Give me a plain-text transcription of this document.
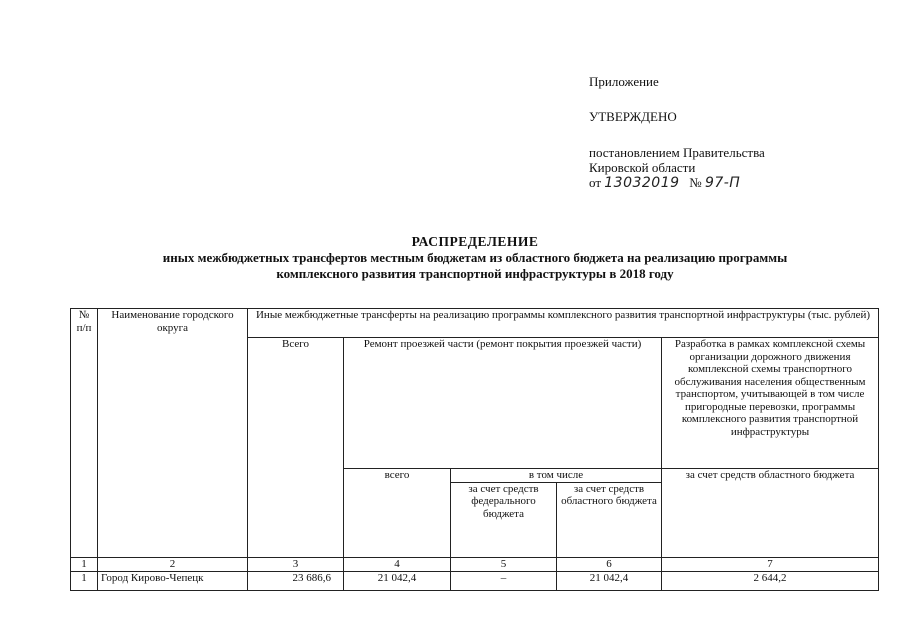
Приложение

УТВЕРЖДЕНО

постановлением Правительства

Кировской области

от 13032019 № 97-П

РАСПРЕДЕЛЕНИЕ
иных межбюджетных трансфертов местным бюджетам из областного бюджета на реализацию программы
комплексного развития транспортной инфраструктуры в 2018 году
№ п/п	Наименование городского округа	Иные межбюджетные трансферты на реализацию программы комплексного развития транспортной инфраструктуры (тыс. рублей)				
		Всего	Ремонт проезжей части (ремонт покрытия проезжей части)			Разработка в рамках комплексной схемы организации дорожного движения комплексной схемы транспортного обслуживания населения общественным транспортом, учитывающей в том числе пригородные перевозки, программы комплексного развития транспортной инфраструктуры
			всего	в том числе		за счет средств областного бюджета
				за счет средств федерального бюджета	за счет средств областного бюджета	
1	2	3	4	5	6	7
1	Город Кирово-Чепецк	23 686,6	21 042,4	–	21 042,4	2 644,2
